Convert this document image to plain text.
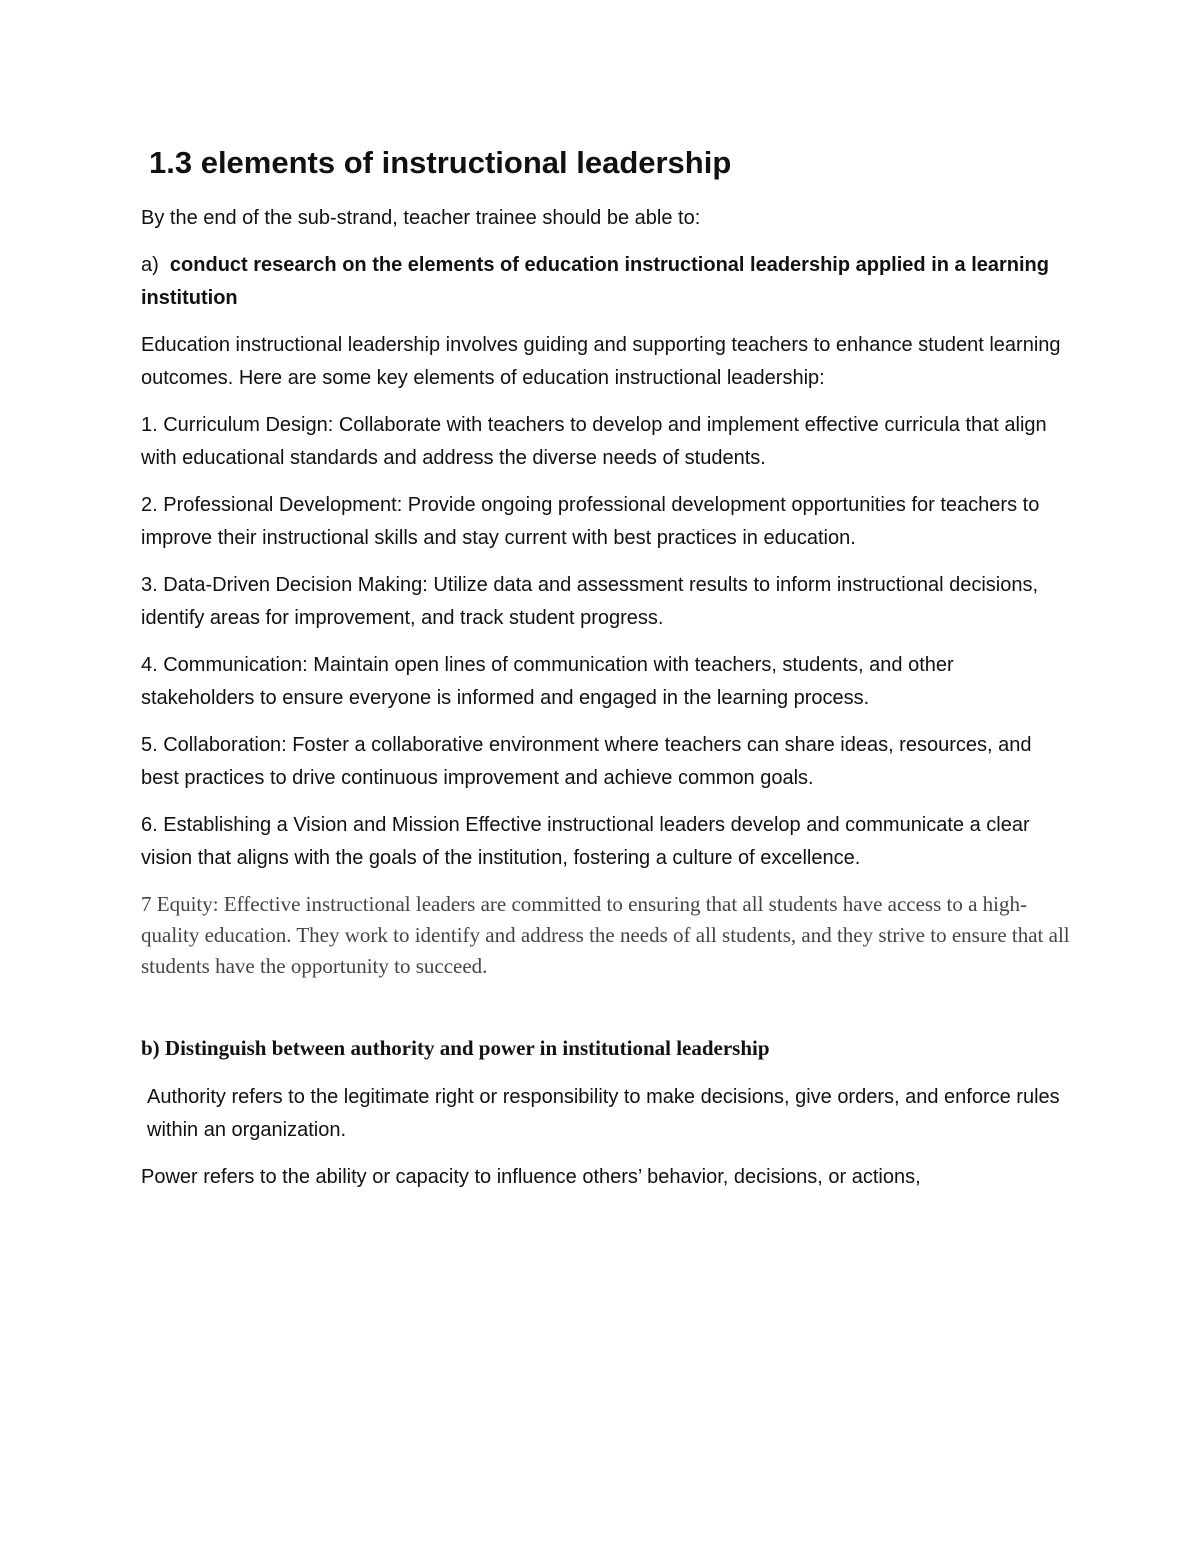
1.3 elements of instructional leadership

By the end of the sub-strand, teacher trainee should be able to:

a) conduct research on the elements of education instructional leadership applied in a learning institution

Education instructional leadership involves guiding and supporting teachers to enhance student learning outcomes. Here are some key elements of education instructional leadership:

1. Curriculum Design: Collaborate with teachers to develop and implement effective curricula that align with educational standards and address the diverse needs of students.

2. Professional Development: Provide ongoing professional development opportunities for teachers to improve their instructional skills and stay current with best practices in education.

3. Data-Driven Decision Making: Utilize data and assessment results to inform instructional decisions, identify areas for improvement, and track student progress.

4. Communication: Maintain open lines of communication with teachers, students, and other stakeholders to ensure everyone is informed and engaged in the learning process.

5. Collaboration: Foster a collaborative environment where teachers can share ideas, resources, and best practices to drive continuous improvement and achieve common goals.

6. Establishing a Vision and Mission Effective instructional leaders develop and communicate a clear vision that aligns with the goals of the institution, fostering a culture of excellence.

7 Equity: Effective instructional leaders are committed to ensuring that all students have access to a high-quality education. They work to identify and address the needs of all students, and they strive to ensure that all students have the opportunity to succeed.

b) Distinguish between authority and power in institutional leadership

Authority refers to the legitimate right or responsibility to make decisions, give orders, and enforce rules within an organization.

Power refers to the ability or capacity to influence others’ behavior, decisions, or actions,
